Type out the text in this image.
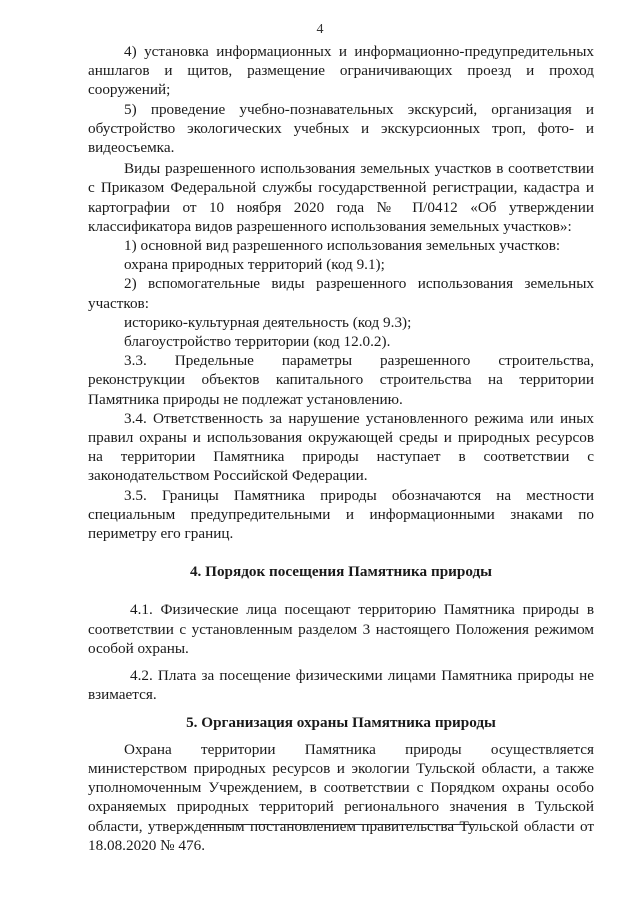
4

4) установка информационных и информационно-предупредительных аншлагов и щитов, размещение ограничивающих проезд и проход сооружений;

5) проведение учебно-познавательных экскурсий, организация и обустройство экологических учебных и экскурсионных троп, фото- и видеосъемка.

Виды разрешенного использования земельных участков в соответствии с Приказом Федеральной службы государственной регистрации, кадастра и картографии от 10 ноября 2020 года № П/0412 «Об утверждении классификатора видов разрешенного использования земельных участков»:

1) основной вид разрешенного использования земельных участков:

охрана природных территорий (код 9.1);

2) вспомогательные виды разрешенного использования земельных участков:

историко-культурная деятельность (код 9.3);

благоустройство территории (код 12.0.2).

3.3. Предельные параметры разрешенного строительства, реконструкции объектов капитального строительства на территории Памятника природы не подлежат установлению.

3.4. Ответственность за нарушение установленного режима или иных правил охраны и использования окружающей среды и природных ресурсов на территории Памятника природы наступает в соответствии с законодательством Российской Федерации.

3.5. Границы Памятника природы обозначаются на местности специальным предупредительными и информационными знаками по периметру его границ.

4. Порядок посещения Памятника природы

4.1. Физические лица посещают территорию Памятника природы в соответствии с установленным разделом 3 настоящего Положения режимом особой охраны.

4.2. Плата за посещение физическими лицами Памятника природы не взимается.

5. Организация охраны Памятника природы

Охрана территории Памятника природы осуществляется министерством природных ресурсов и экологии Тульской области, а также уполномоченным Учреждением, в соответствии с Порядком охраны особо охраняемых природных территорий регионального значения в Тульской области, утвержденным постановлением правительства Тульской области от 18.08.2020 № 476.
